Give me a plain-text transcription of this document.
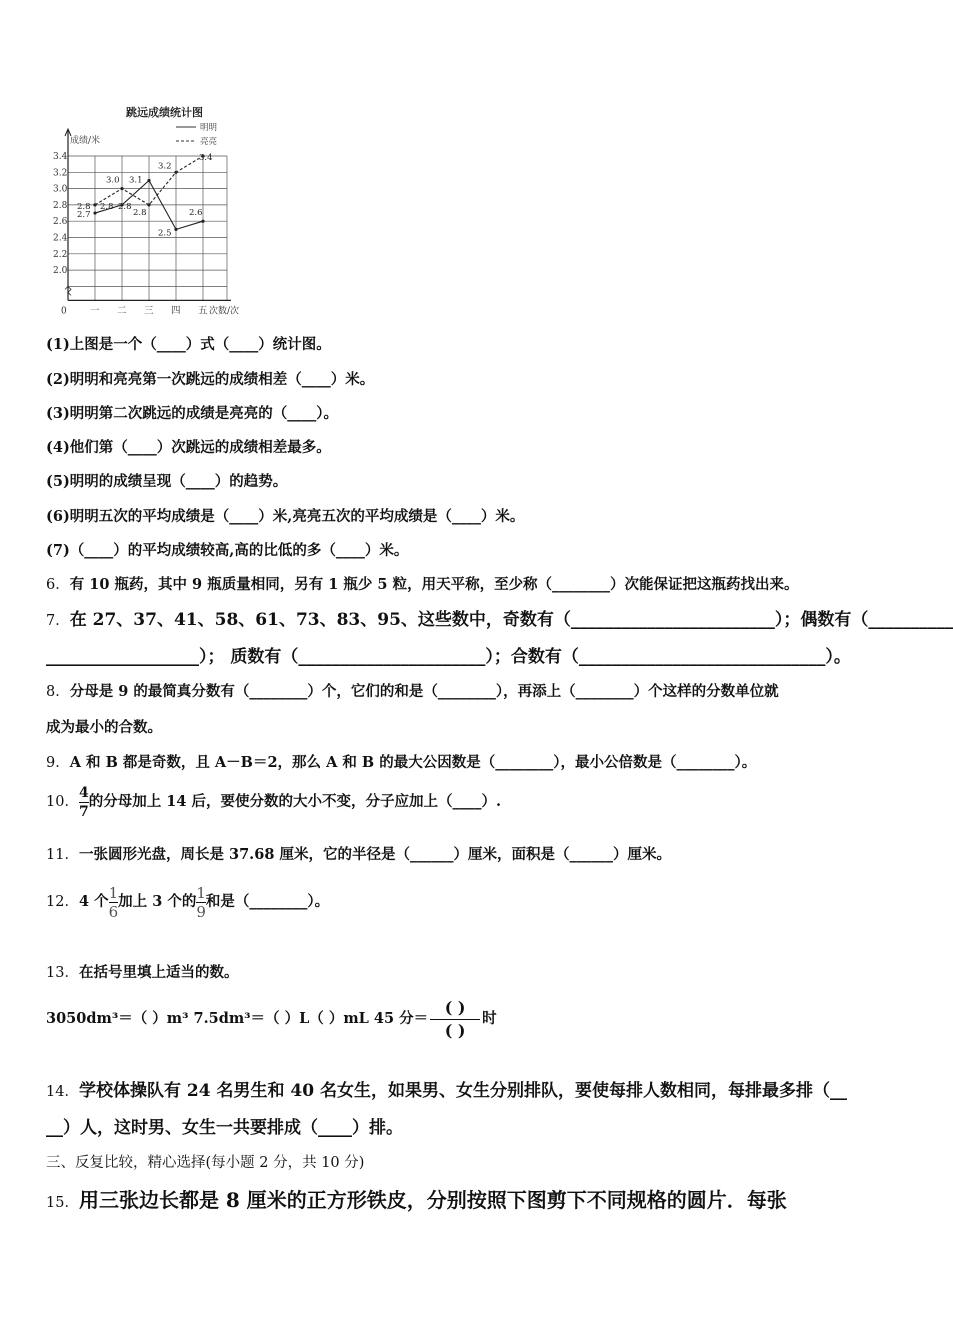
跳远成绩统计图
成绩/米
明明
亮亮
2.0
2.2
2.4
2.6
2.8
3.0
3.2
3.4
0 一 二 三 四 五 次数/次
2.7
2.8
3.1
2.5
2.6
2.8
3.0
2.8
3.2
3.4
2.8
(1)上图是一个（____）式（____）统计图。
(2)明明和亮亮第一次跳远的成绩相差（____）米。
(3)明明第二次跳远的成绩是亮亮的（____）。
(4)他们第（____）次跳远的成绩相差最多。
(5)明明的成绩呈现（____）的趋势。
(6)明明五次的平均成绩是（____）米,亮亮五次的平均成绩是（____）米。
(7)（____）的平均成绩较高,高的比低的多（____）米。
6．有 10 瓶药，其中 9 瓶质量相同，另有 1 瓶少 5 粒，用天平称，至少称（________）次能保证把这瓶药找出来。
7．在 27、37、41、58、61、73、83、95、这些数中，奇数有（________________________）；偶数有（__________
__________________）； 质数有（______________________）；合数有（_____________________________）。
8．分母是 9 的最简真分数有（________）个，它们的和是（________），再添上（________）个这样的分数单位就
成为最小的合数。
9．A 和 B 都是奇数，且 A－B＝2，那么 A 和 B 的最大公因数是（________），最小公倍数是（________）。
10． $\frac{4}{7}$ 的分母加上 14 后，要使分数的大小不变，分子应加上（____）.
11．一张圆形光盘，周长是 37.68 厘米，它的半径是（______）厘米，面积是（______）厘米。
12．4 个 $\frac{1}{6}$ 加上 3 个的 $\frac{1}{9}$ 和是（________）。
13．在括号里填上适当的数。
3050dm³＝（ ）m³ 7.5dm³＝（ ）L（ ）mL 45 分＝
( )
( )
时
14．学校体操队有 24 名男生和 40 名女生，如果男、女生分别排队，要使每排人数相同，每排最多排（__
__）人，这时男、女生一共要排成（____）排。
三、反复比较，精心选择(每小题 2 分，共 10 分)
15．用三张边长都是 8 厘米的正方形铁皮，分别按照下图剪下不同规格的圆片．每张
